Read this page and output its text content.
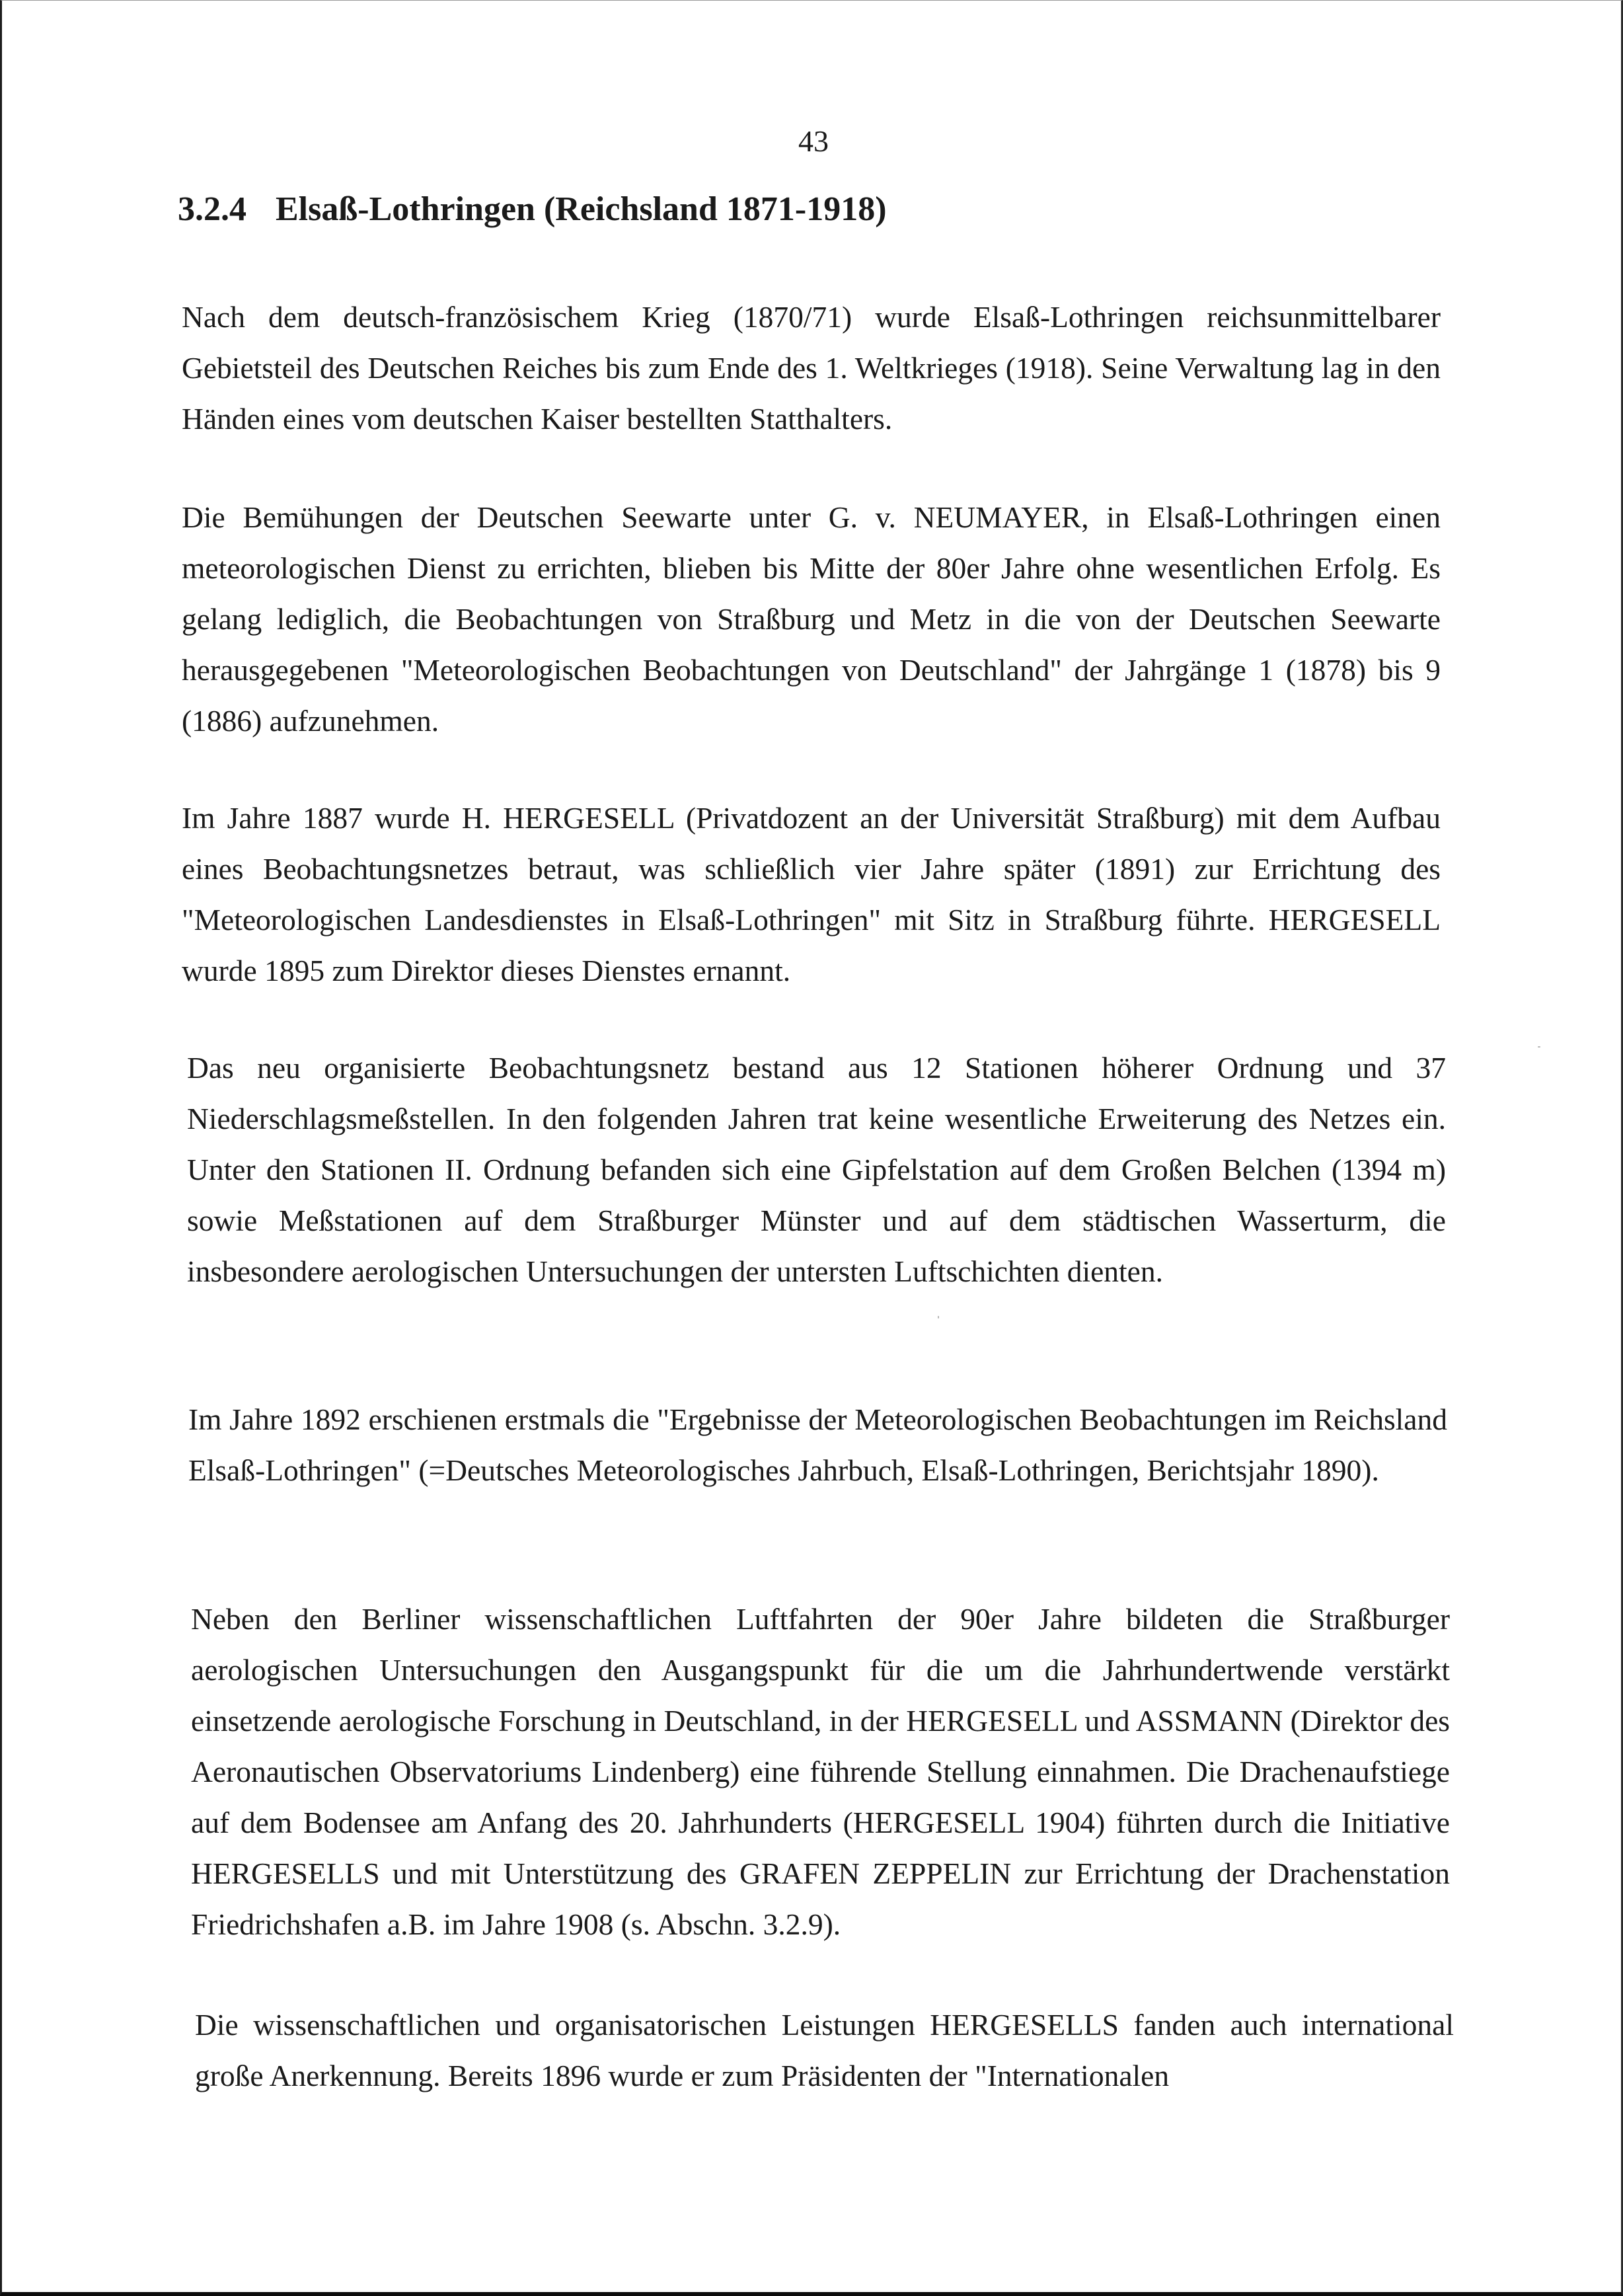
43
3.2.4 Elsaß-Lothringen (Reichsland 1871-1918)

Nach dem deutsch-französischem Krieg (1870/71) wurde Elsaß-Lothringen reichsunmittelbarer Gebietsteil des Deutschen Reiches bis zum Ende des 1. Weltkrieges (1918). Seine Verwaltung lag in den Händen eines vom deutschen Kaiser bestellten Statthalters.

Die Bemühungen der Deutschen Seewarte unter G. v. NEUMAYER, in Elsaß-Lothringen einen meteorologischen Dienst zu errichten, blieben bis Mitte der 80er Jahre ohne wesentlichen Erfolg. Es gelang lediglich, die Beobachtungen von Straßburg und Metz in die von der Deutschen Seewarte herausgegebenen "Meteorologischen Beobachtungen von Deutschland" der Jahrgänge 1 (1878) bis 9 (1886) aufzunehmen.

Im Jahre 1887 wurde H. HERGESELL (Privatdozent an der Universität Straßburg) mit dem Aufbau eines Beobachtungsnetzes betraut, was schließlich vier Jahre später (1891) zur Errichtung des "Meteorologischen Landesdienstes in Elsaß-Lothringen" mit Sitz in Straßburg führte. HERGESELL wurde 1895 zum Direktor dieses Dienstes ernannt.

Das neu organisierte Beobachtungsnetz bestand aus 12 Stationen höherer Ordnung und 37 Niederschlagsmeßstellen. In den folgenden Jahren trat keine wesentliche Erweiterung des Netzes ein. Unter den Stationen II. Ordnung befanden sich eine Gipfelstation auf dem Großen Belchen (1394 m) sowie Meßstationen auf dem Straßburger Münster und auf dem städtischen Wasserturm, die insbesondere aerologischen Untersuchungen der untersten Luftschichten dienten.

Im Jahre 1892 erschienen erstmals die "Ergebnisse der Meteorologischen Beobachtungen im Reichsland Elsaß-Lothringen" (=Deutsches Meteorologisches Jahrbuch, Elsaß-Lothringen, Berichtsjahr 1890).

Neben den Berliner wissenschaftlichen Luftfahrten der 90er Jahre bildeten die Straßburger aerologischen Untersuchungen den Ausgangspunkt für die um die Jahrhundertwende verstärkt einsetzende aerologische Forschung in Deutschland, in der HERGESELL und ASSMANN (Direktor des Aeronautischen Observatoriums Lindenberg) eine führende Stellung einnahmen. Die Drachenaufstiege auf dem Bodensee am Anfang des 20. Jahrhunderts (HERGESELL 1904) führten durch die Initiative HERGESELLS und mit Unterstützung des GRAFEN ZEPPELIN zur Errichtung der Drachenstation Friedrichshafen a.B. im Jahre 1908 (s. Abschn. 3.2.9).

Die wissenschaftlichen und organisatorischen Leistungen HERGESELLS fanden auch international große Anerkennung. Bereits 1896 wurde er zum Präsidenten der "Internationalen
